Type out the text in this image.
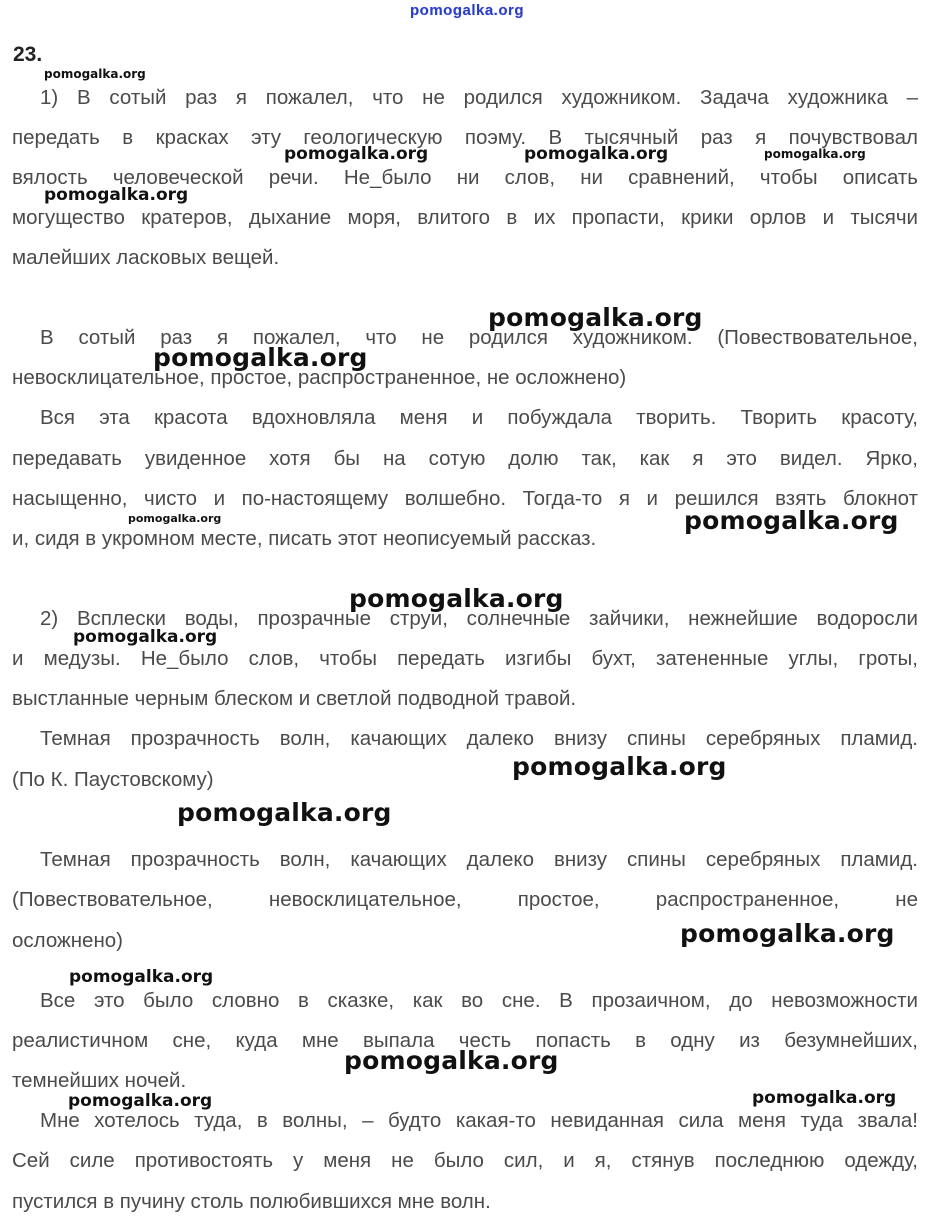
pomogalka.org
23.
1) В сотый раз я пожалел, что не родился художником. Задача художника –
передать в красках эту геологическую поэму. В тысячный раз я почувствовал
вялость человеческой речи. Не_было ни слов, ни сравнений, чтобы описать
могущество кратеров, дыхание моря, влитого в их пропасти, крики орлов и тысячи
малейших ласковых вещей.
В сотый раз я пожалел, что не родился художником. (Повествовательное,
невосклицательное, простое, распространенное, не осложнено)
Вся эта красота вдохновляла меня и побуждала творить. Творить красоту,
передавать увиденное хотя бы на сотую долю так, как я это видел. Ярко,
насыщенно, чисто и по-настоящему волшебно. Тогда-то я и решился взять блокнот
и, сидя в укромном месте, писать этот неописуемый рассказ.
2) Всплески воды, прозрачные струи, солнечные зайчики, нежнейшие водоросли
и медузы. Не_было слов, чтобы передать изгибы бухт, затененные углы, гроты,
выстланные черным блеском и светлой подводной травой.
Темная прозрачность волн, качающих далеко внизу спины серебряных пламид.
(По К. Паустовскому)
Темная прозрачность волн, качающих далеко внизу спины серебряных пламид.
(Повествовательное, невосклицательное, простое, распространенное, не
осложнено)
Все это было словно в сказке, как во сне. В прозаичном, до невозможности
реалистичном сне, куда мне выпала честь попасть в одну из безумнейших,
темнейших ночей.
Мне хотелось туда, в волны, – будто какая-то невиданная сила меня туда звала!
Сей силе противостоять у меня не было сил, и я, стянув последнюю одежду,
пустился в пучину столь полюбившихся мне волн.
pomogalka.org
pomogalka.org	pomogalka.org	pomogalka.org
pomogalka.org
pomogalka.org
pomogalka.org
pomogalka.org	pomogalka.org
pomogalka.org
pomogalka.org
pomogalka.org
pomogalka.org
pomogalka.org
pomogalka.org
pomogalka.org
pomogalka.org	pomogalka.org
